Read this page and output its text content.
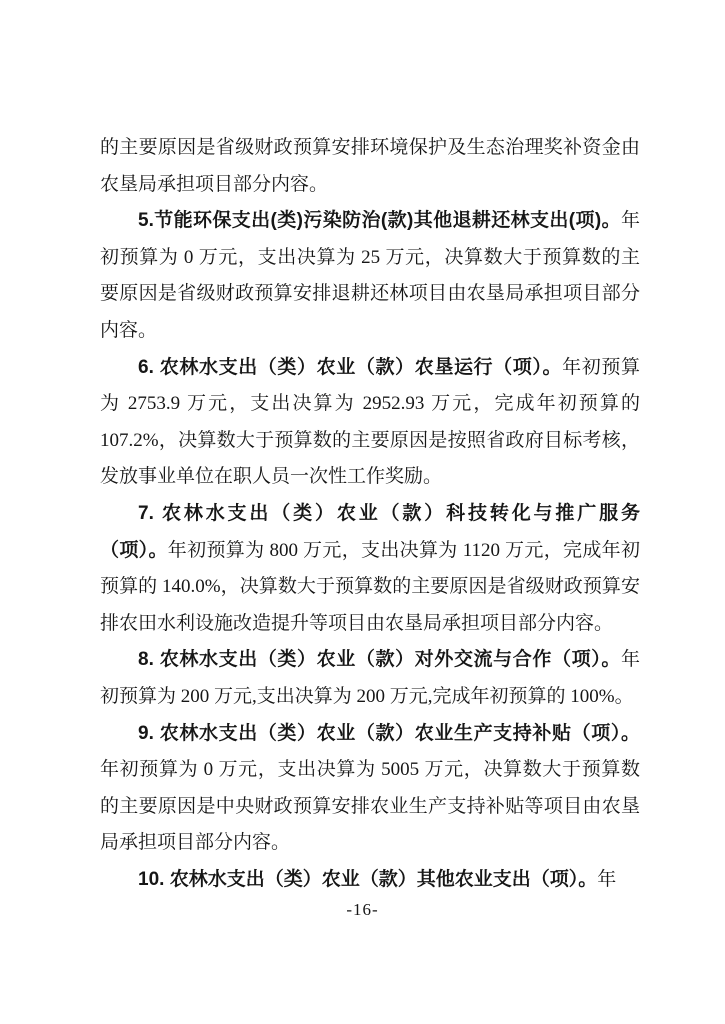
的主要原因是省级财政预算安排环境保护及生态治理奖补资金由农垦局承担项目部分内容。

5.节能环保支出(类)污染防治(款)其他退耕还林支出(项)。年初预算为 0 万元，支出决算为 25 万元，决算数大于预算数的主要原因是省级财政预算安排退耕还林项目由农垦局承担项目部分内容。

6. 农林水支出（类）农业（款）农垦运行（项）。年初预算为 2753.9 万元，支出决算为 2952.93 万元，完成年初预算的 107.2%，决算数大于预算数的主要原因是按照省政府目标考核，发放事业单位在职人员一次性工作奖励。

7. 农林水支出（类）农业（款）科技转化与推广服务（项）。年初预算为 800 万元，支出决算为 1120 万元，完成年初预算的 140.0%，决算数大于预算数的主要原因是省级财政预算安排农田水利设施改造提升等项目由农垦局承担项目部分内容。

8. 农林水支出（类）农业（款）对外交流与合作（项）。年初预算为 200 万元,支出决算为 200 万元,完成年初预算的 100%。

9. 农林水支出（类）农业（款）农业生产支持补贴（项）。年初预算为 0 万元，支出决算为 5005 万元，决算数大于预算数的主要原因是中央财政预算安排农业生产支持补贴等项目由农垦局承担项目部分内容。

10. 农林水支出（类）农业（款）其他农业支出（项）。年

-16-
